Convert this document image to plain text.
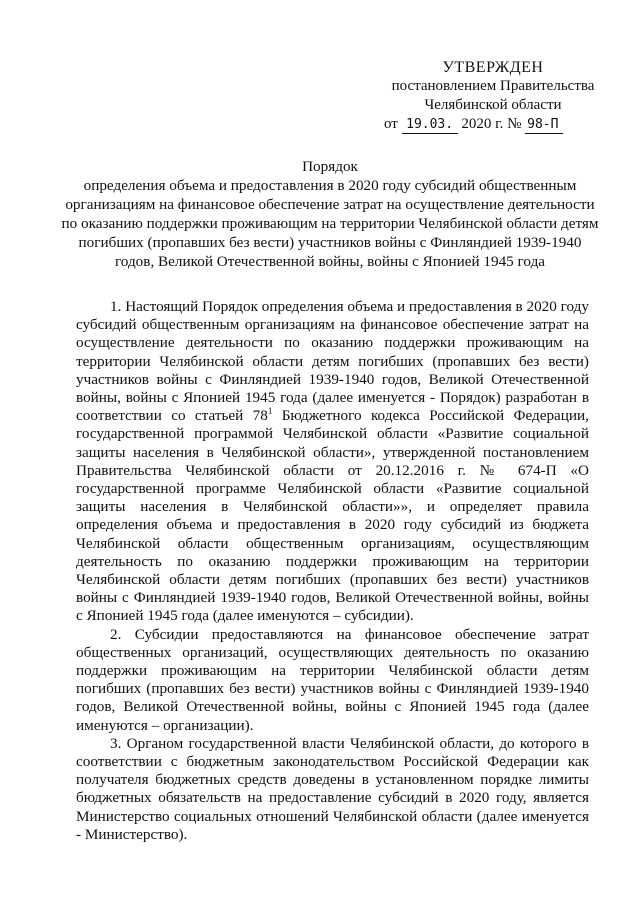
УТВЕРЖДЕН
постановлением Правительства
Челябинской области
от 19.03. 2020 г. № 98-П
Порядок
определения объема и предоставления в 2020 году субсидий общественным организациям на финансовое обеспечение затрат на осуществление деятельности по оказанию поддержки проживающим на территории Челябинской области детям погибших (пропавших без вести) участников войны с Финляндией 1939-1940 годов, Великой Отечественной войны, войны с Японией 1945 года

1. Настоящий Порядок определения объема и предоставления в 2020 году субсидий общественным организациям на финансовое обеспечение затрат на осуществление деятельности по оказанию поддержки проживающим на территории Челябинской области детям погибших (пропавших без вести) участников войны с Финляндией 1939-1940 годов, Великой Отечественной войны, войны с Японией 1945 года (далее именуется - Порядок) разработан в соответствии со статьей $78^1$ Бюджетного кодекса Российской Федерации, государственной программой Челябинской области «Развитие социальной защиты населения в Челябинской области», утвержденной постановлением Правительства Челябинской области от 20.12.2016 г. № 674-П «О государственной программе Челябинской области «Развитие социальной защиты населения в Челябинской области»», и определяет правила определения объема и предоставления в 2020 году субсидий из бюджета Челябинской области общественным организациям, осуществляющим деятельность по оказанию поддержки проживающим на территории Челябинской области детям погибших (пропавших без вести) участников войны с Финляндией 1939-1940 годов, Великой Отечественной войны, войны с Японией 1945 года (далее именуются – субсидии).

2. Субсидии предоставляются на финансовое обеспечение затрат общественных организаций, осуществляющих деятельность по оказанию поддержки проживающим на территории Челябинской области детям погибших (пропавших без вести) участников войны с Финляндией 1939-1940 годов, Великой Отечественной войны, войны с Японией 1945 года (далее именуются – организации).

3. Органом государственной власти Челябинской области, до которого в соответствии с бюджетным законодательством Российской Федерации как получателя бюджетных средств доведены в установленном порядке лимиты бюджетных обязательств на предоставление субсидий в 2020 году, является Министерство социальных отношений Челябинской области (далее именуется - Министерство).
